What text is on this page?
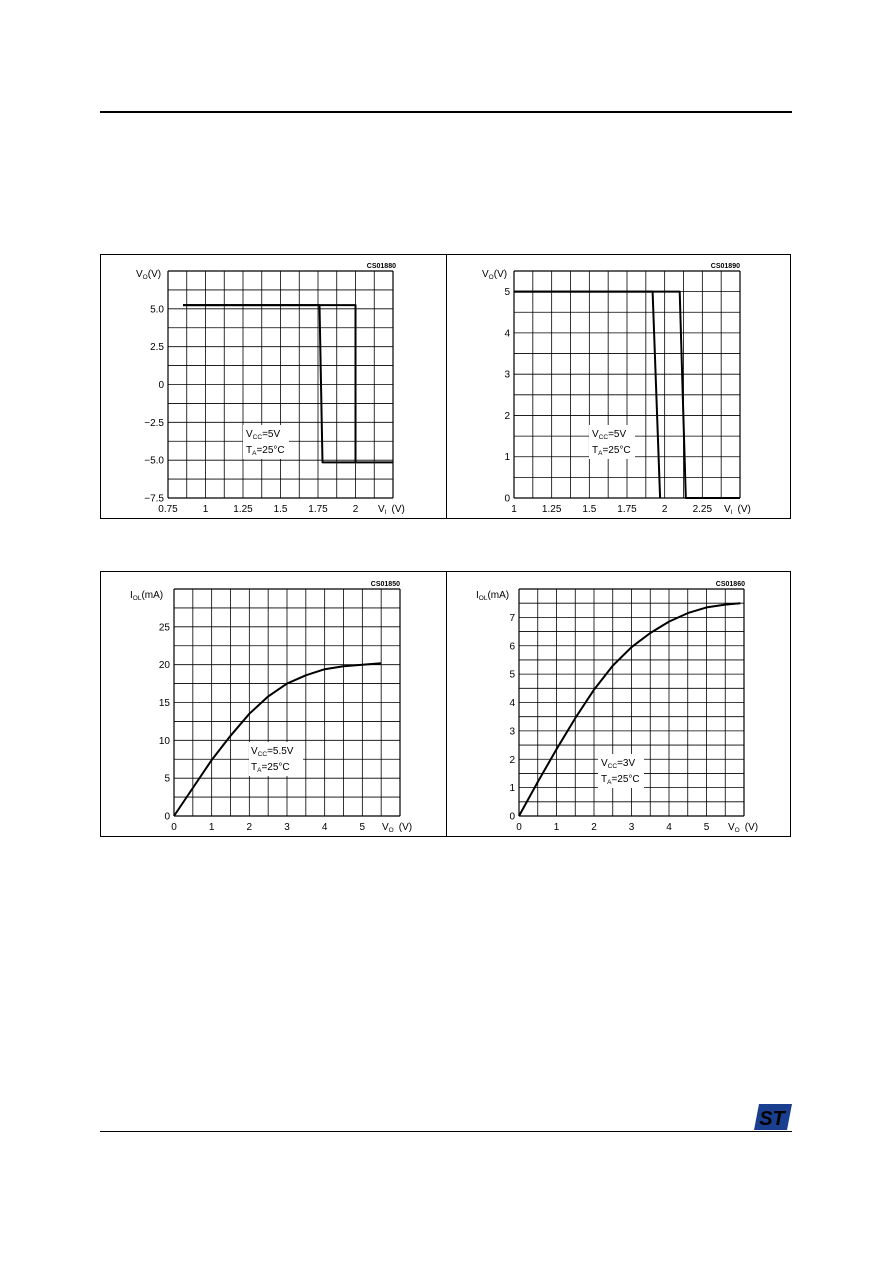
0.75 1 1.25 1.5 1.75 2
−7.5
−5.0
−2.5
0
2.5
5.0
CS01880
$V_O(V)$
$V_I$ (V)
$V_{CC}=5V$
$T_A=25^\circ C$
1	1.25 1.5 1.75	2	2.25
0
1
2
3
4
5
CS01890
$V_O(V)$
$V_I$ (V)
$V_{CC}=5V$
$T_A=25^\circ C$
0	1	2	3	4	5
0
5
10
15
20
25
CS01850
$I_{OL}(mA)$
$V_O$ (V)
$V_{CC}=5.5V$
$T_A=25^\circ C$
0	1	2	3	4	5
0
1
2
3
4
5
6
7
CS01860
$I_{OL}(mA)$
$V_O$ (V)
$V_{CC}=3V$
$T_A=25^\circ C$
ST
